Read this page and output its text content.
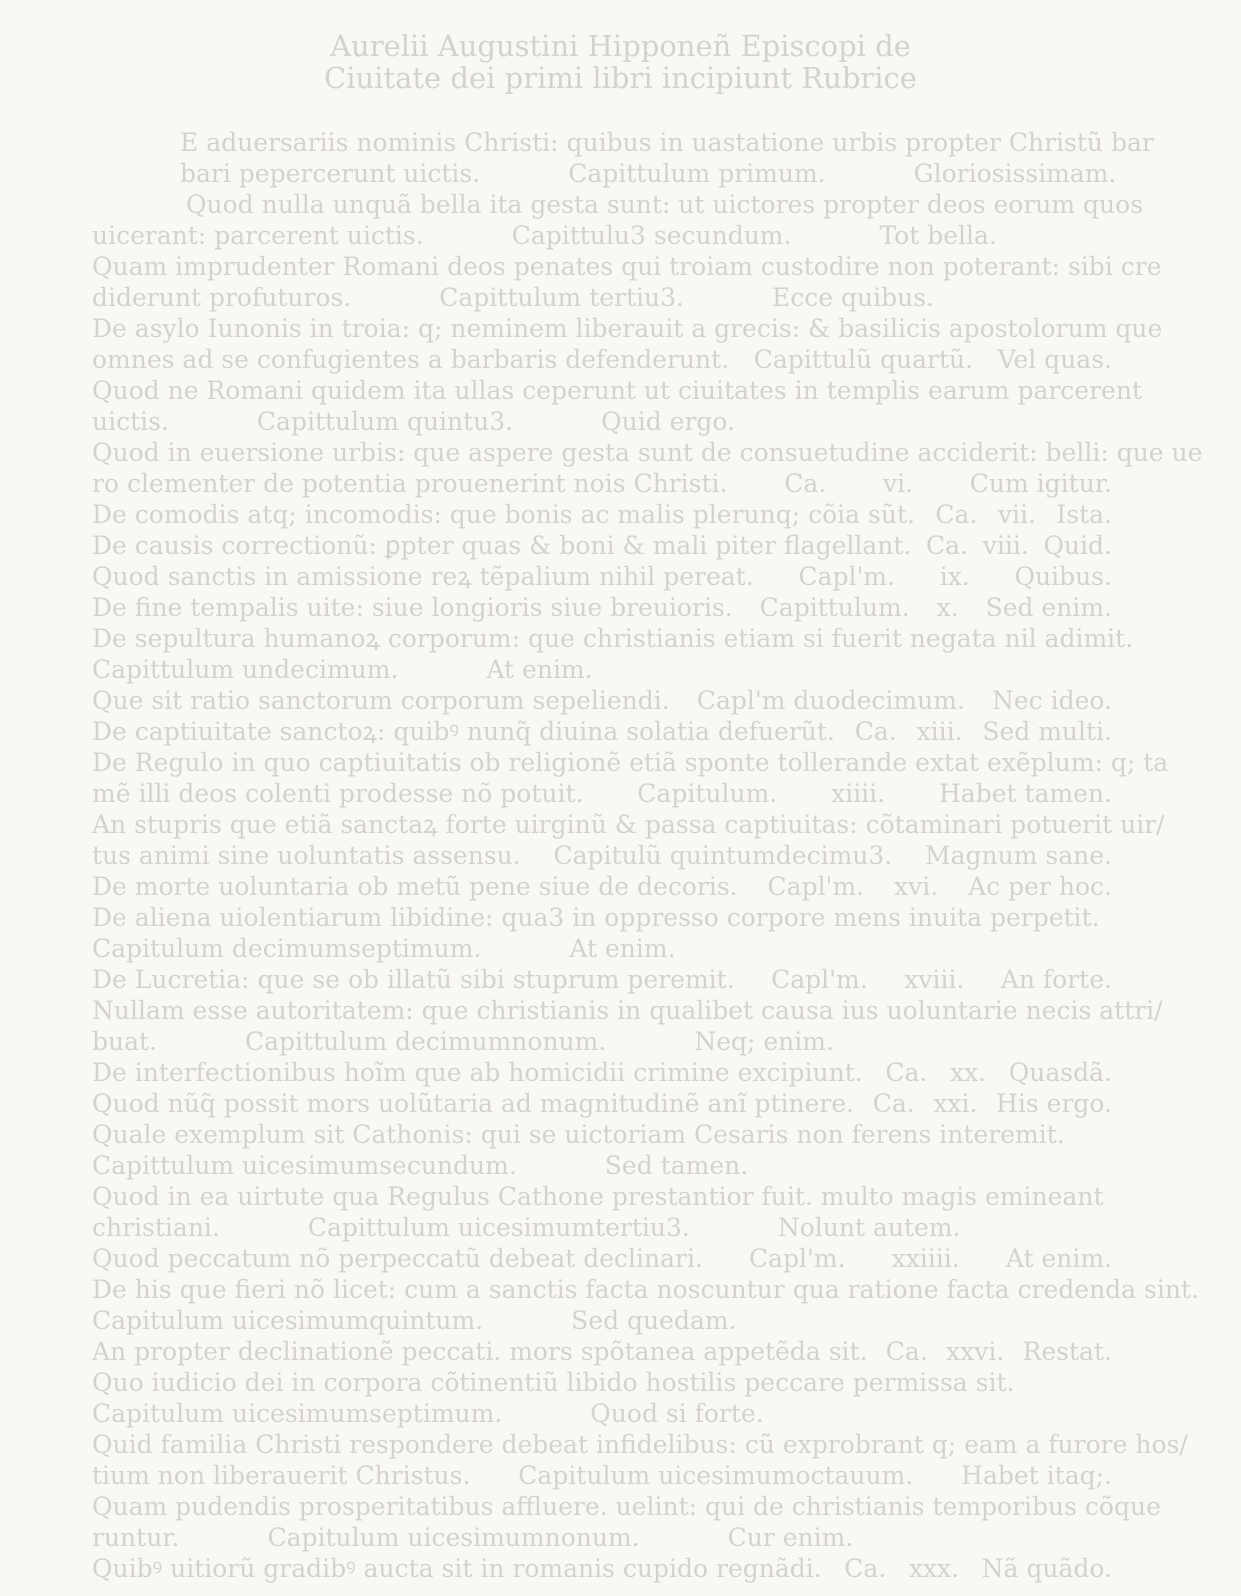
Aurelii Augustini Hipponeñ Episcopi de
Ciuitate dei primi libri incipiunt Rubrice
E aduersariis nominis Christi: quibus in uastatione urbis propter Christũ bar
bari pepercerunt uictis.	Capittulum primum.	Gloriosissimam.
Quod nulla unquã bella ita gesta sunt: ut uictores propter deos eorum quos
uicerant: parcerent uictis.	Capittulu3 secundum.	Tot bella.
Quam imprudenter Romani deos penates qui troiam custodire non poterant: sibi cre
diderunt profuturos.	Capittulum tertiu3.	Ecce quibus.
De asylo Iunonis in troia: q; neminem liberauit a grecis: & basilicis apostolorum que
omnes ad se confugientes a barbaris defenderunt. Capittulũ quartũ. Vel quas.
Quod ne Romani quidem ita ullas ceperunt ut ciuitates in templis earum parcerent
uictis.	Capittulum quintu3.	Quid ergo.
Quod in euersione urbis: que aspere gesta sunt de consuetudine acciderit: belli: que ue
ro clementer de potentia prouenerint nois Christi. Ca. vi. Cum igitur.
De comodis atq; incomodis: que bonis ac malis plerunq; cõia sũt. Ca. vii. Ista.
De causis correctionũ: ꝑpter quas & boni & mali piter flagellant. Ca. viii. Quid.
Quod sanctis in amissione reꝝ tẽpalium nihil pereat. Capl'm. ix. Quibus.
De fine tempalis uite: siue longioris siue breuioris. Capittulum. x. Sed enim.
De sepultura humanoꝝ corporum: que christianis etiam si fuerit negata nil adimit.
Capittulum undecimum.	At enim.
Que sit ratio sanctorum corporum sepeliendi. Capl'm duodecimum. Nec ideo.
De captiuitate sanctoꝝ: quibꝰ nunq̃ diuina solatia defuerũt. Ca. xiii. Sed multi.
De Regulo in quo captiuitatis ob religionẽ etiã sponte tollerande extat exẽplum: q; ta
mẽ illi deos colenti prodesse nõ potuit. Capitulum. xiiii. Habet tamen.
An stupris que etiã sanctaꝝ forte uirginũ & passa captiuitas: cõtaminari potuerit uir/
tus animi sine uoluntatis assensu. Capitulũ quintumdecimu3. Magnum sane.
De morte uoluntaria ob metũ pene siue de decoris. Capl'm. xvi. Ac per hoc.
De aliena uiolentiarum libidine: qua3 in oppresso corpore mens inuita perpetit.
Capitulum decimumseptimum.	At enim.
De Lucretia: que se ob illatũ sibi stuprum peremit. Capl'm. xviii. An forte.
Nullam esse autoritatem: que christianis in qualibet causa ius uoluntarie necis attri/
buat.	Capittulum decimumnonum.	Neq; enim.
De interfectionibus hoĩm que ab homicidii crimine excipiunt. Ca. xx. Quasdã.
Quod nũq̃ possit mors uolũtaria ad magnitudinẽ anĩ ptinere. Ca. xxi. His ergo.
Quale exemplum sit Cathonis: qui se uictoriam Cesaris non ferens interemit.
Capittulum uicesimumsecundum.	Sed tamen.
Quod in ea uirtute qua Regulus Cathone prestantior fuit. multo magis emineant
christiani.	Capittulum uicesimumtertiu3.	Nolunt autem.
Quod peccatum nõ perpeccatũ debeat declinari. Capl'm. xxiiii. At enim.
De his que fieri nõ licet: cum a sanctis facta noscuntur qua ratione facta credenda sint.
Capitulum uicesimumquintum.	Sed quedam.
An propter declinationẽ peccati. mors spõtanea appetẽda sit. Ca. xxvi. Restat.
Quo iudicio dei in corpora cõtinentiũ libido hostilis peccare permissa sit.
Capitulum uicesimumseptimum.	Quod si forte.
Quid familia Christi respondere debeat infidelibus: cũ exprobrant q; eam a furore hos/
tium non liberauerit Christus. Capitulum uicesimumoctauum. Habet itaq;.
Quam pudendis prosperitatibus affluere. uelint: qui de christianis temporibus cõque
runtur.	Capitulum uicesimumnonum.	Cur enim.
Quibꝰ uitiorũ gradibꝰ aucta sit in romanis cupido regnãdi. Ca. xxx. Nã quãdo.
